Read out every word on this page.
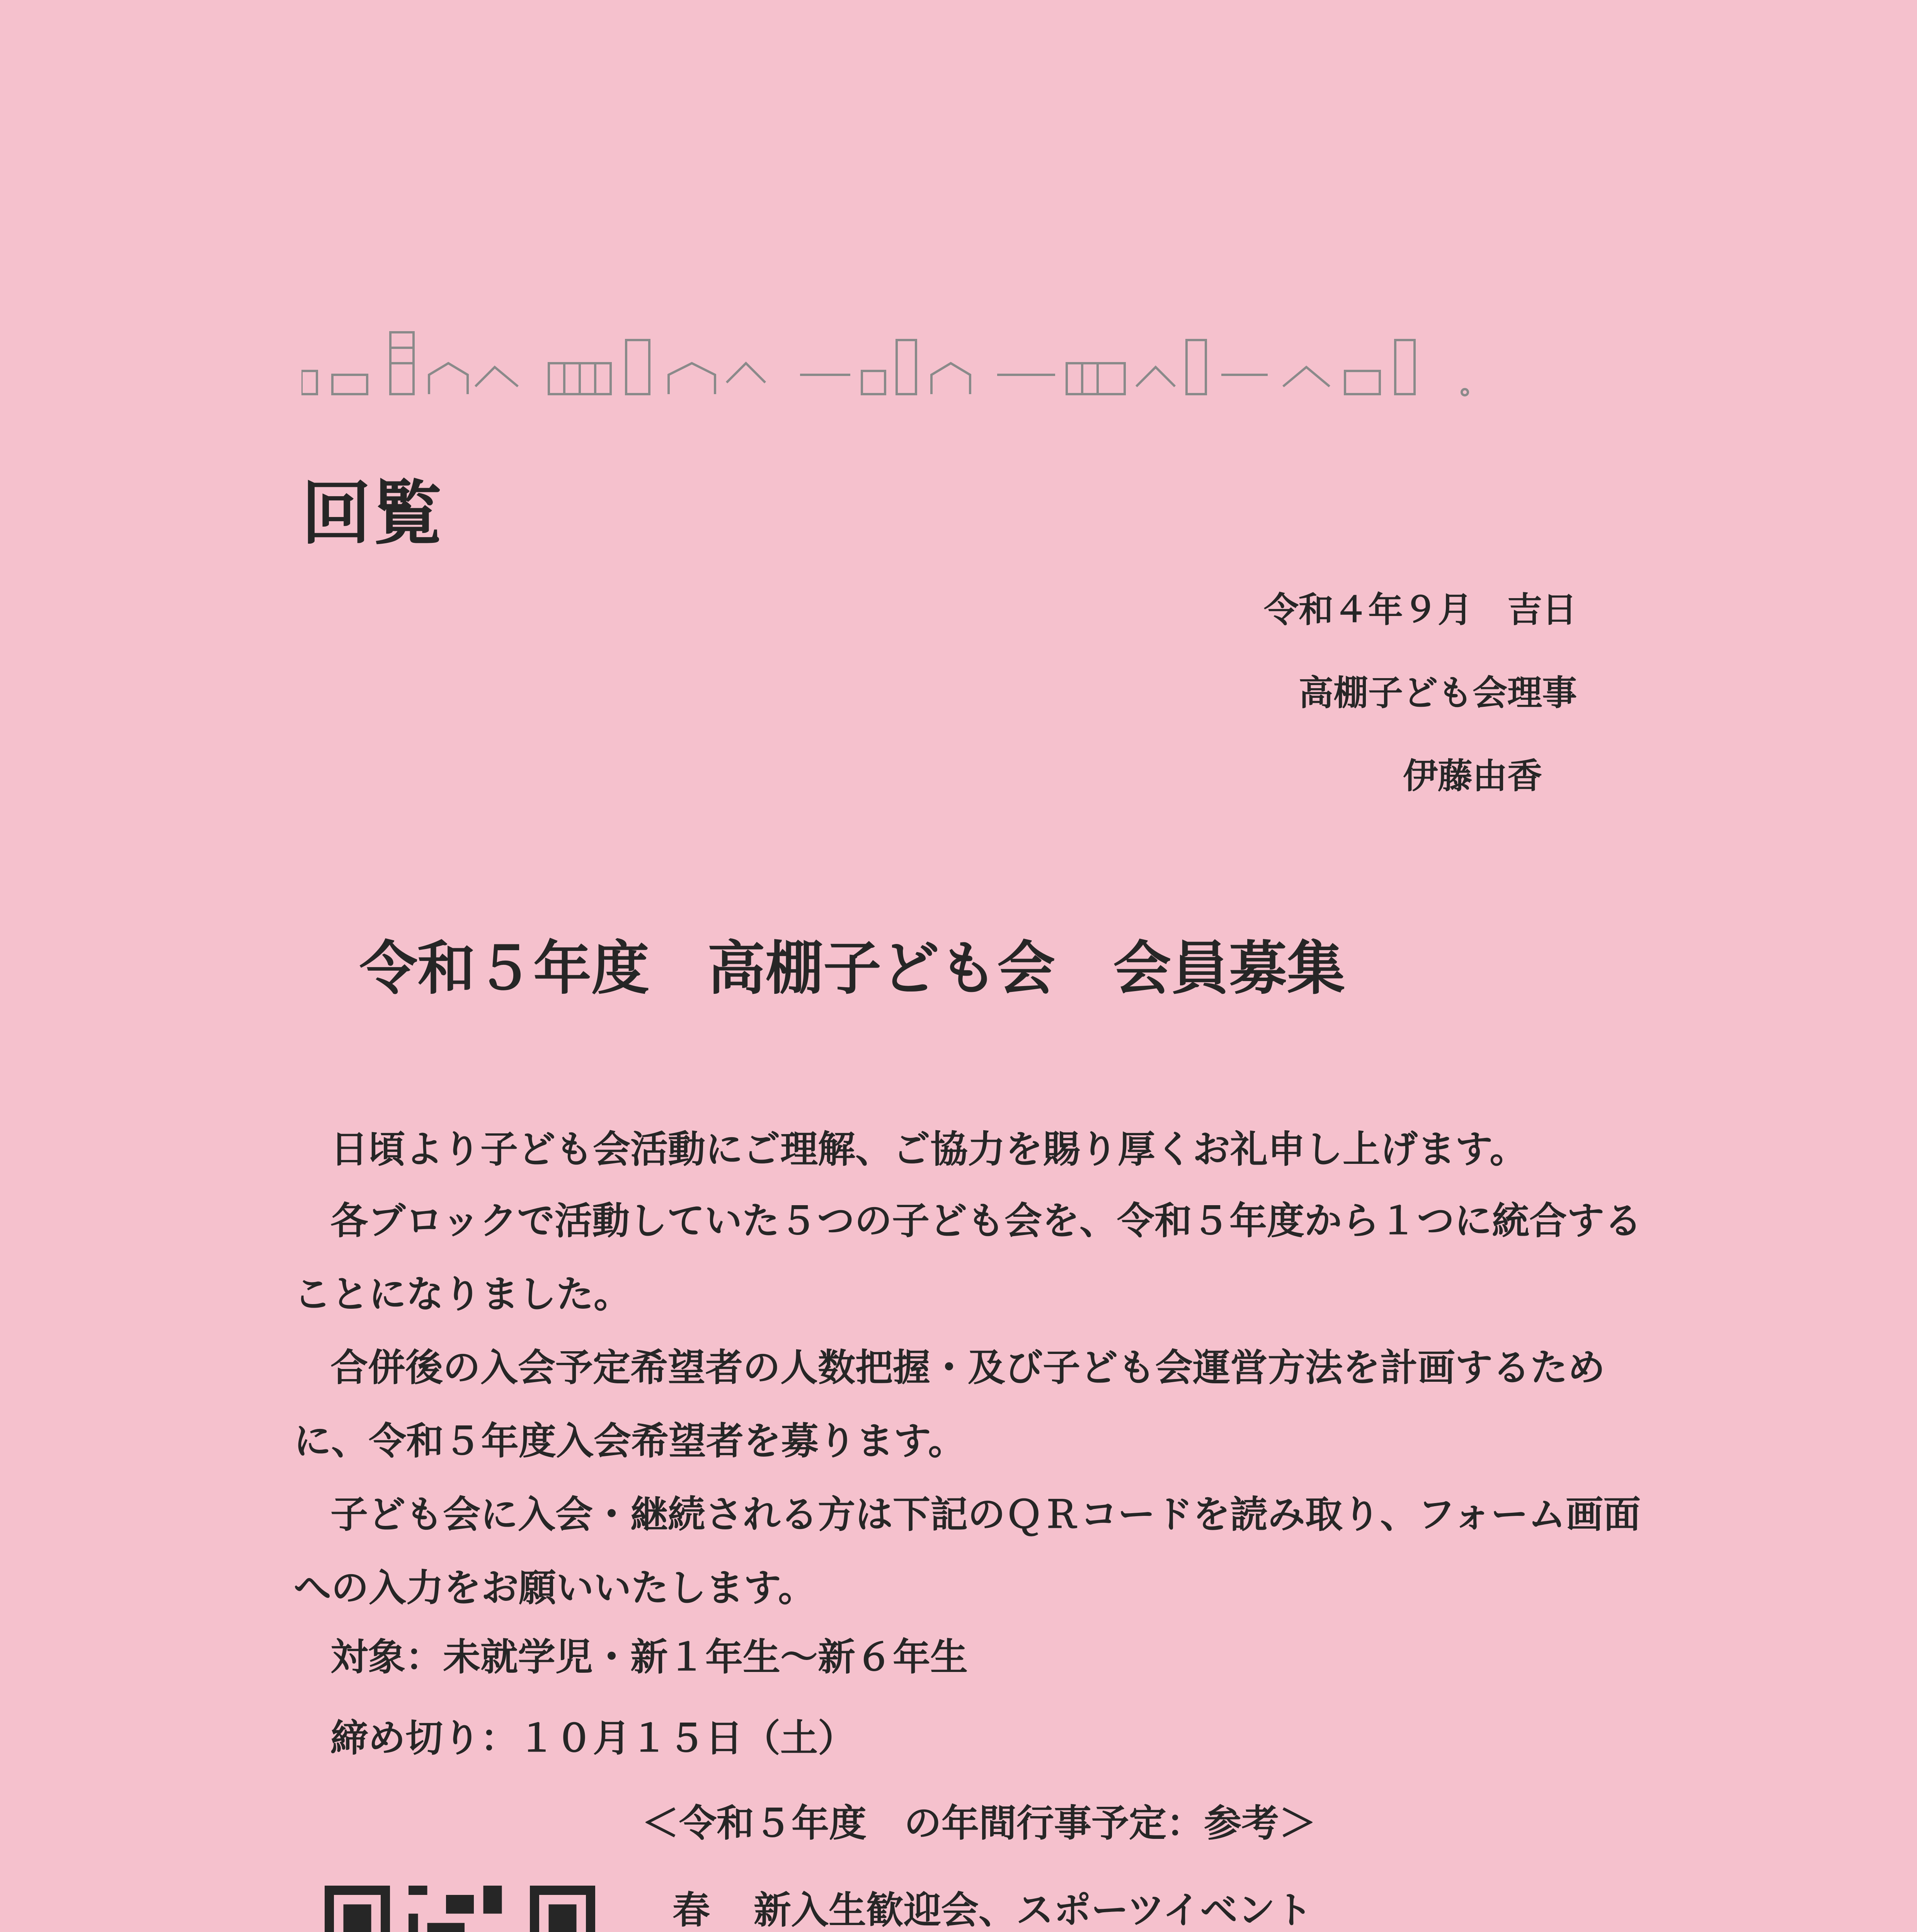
回覧
令和４年９月　吉日
高棚子ども会理事
伊藤由香
令和５年度　高棚子ども会　会員募集

日頃より子ども会活動にご理解、ご協力を賜り厚くお礼申し上げます。

各ブロックで活動していた５つの子ども会を、令和５年度から１つに統合することになりました。

合併後の入会予定希望者の人数把握・及び子ども会運営方法を計画するために、令和５年度入会希望者を募ります。

子ども会に入会・継続される方は下記のＱＲコードを読み取り、フォーム画面への入力をお願いいたします。

対象：未就学児・新１年生～新６年生
締め切り：１０月１５日（土）
＜令和５年度　の年間行事予定：参考＞
春	新入生歓迎会、スポーツイベント
